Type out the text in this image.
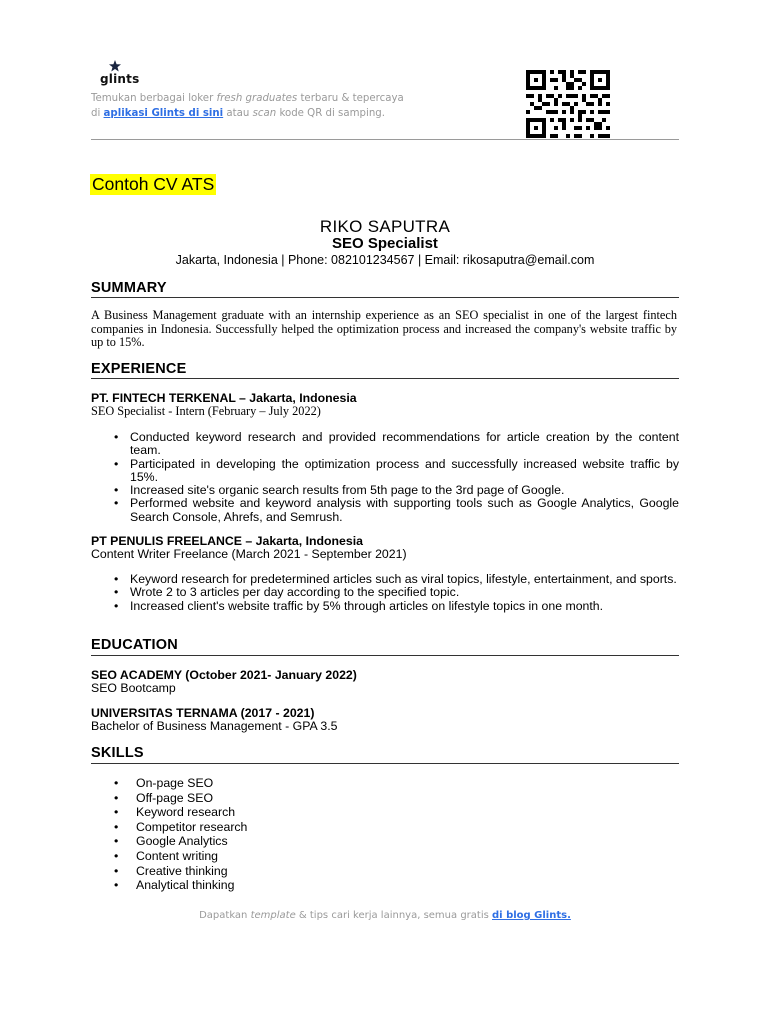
glints
Temukan berbagai loker fresh graduates terbaru & tepercaya
di aplikasi Glints di sini atau scan kode QR di samping.
Contoh CV ATS
RIKO SAPUTRA
SEO Specialist
Jakarta, Indonesia | Phone: 082101234567 | Email: rikosaputra@email.com
SUMMARY
A Business Management graduate with an internship experience as an SEO specialist in one of the largest fintech companies in Indonesia. Successfully helped the optimization process and increased the company's website traffic by up to 15%.
EXPERIENCE
PT. FINTECH TERKENAL – Jakarta, Indonesia
SEO Specialist - Intern (February – July 2022)
• Conducted keyword research and provided recommendations for article creation by the content team.
• Participated in developing the optimization process and successfully increased website traffic by 15%.
• Increased site's organic search results from 5th page to the 3rd page of Google.
• Performed website and keyword analysis with supporting tools such as Google Analytics, Google Search Console, Ahrefs, and Semrush.
PT PENULIS FREELANCE – Jakarta, Indonesia
Content Writer Freelance (March 2021 - September 2021)
• Keyword research for predetermined articles such as viral topics, lifestyle, entertainment, and sports.
• Wrote 2 to 3 articles per day according to the specified topic.
• Increased client's website traffic by 5% through articles on lifestyle topics in one month.
EDUCATION
SEO ACADEMY (October 2021- January 2022)
SEO Bootcamp
UNIVERSITAS TERNAMA (2017 - 2021)
Bachelor of Business Management - GPA 3.5
SKILLS
• On-page SEO
• Off-page SEO
• Keyword research
• Competitor research
• Google Analytics
• Content writing
• Creative thinking
• Analytical thinking
Dapatkan template & tips cari kerja lainnya, semua gratis di blog Glints.
